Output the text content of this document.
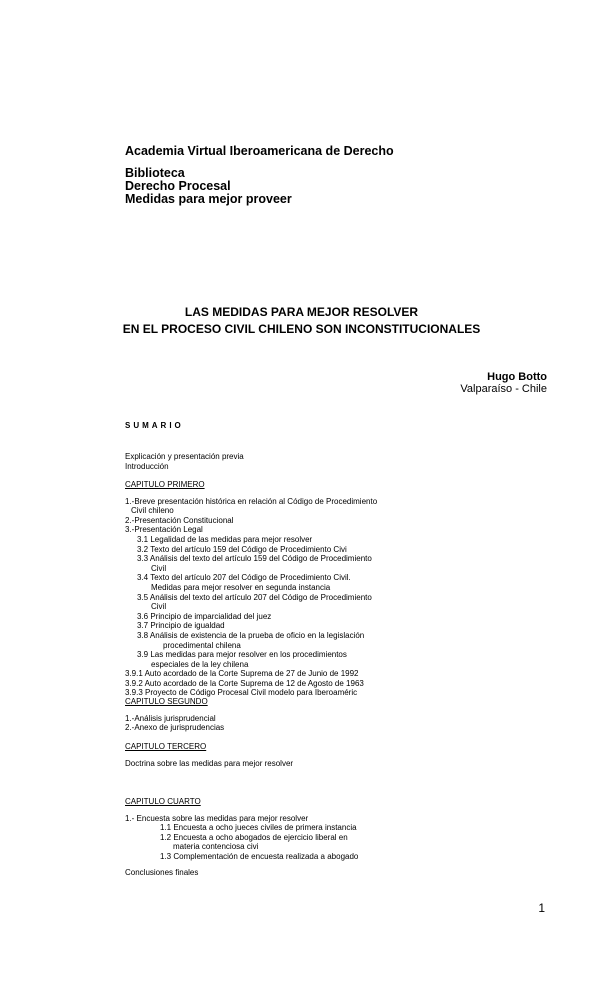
Academia Virtual Iberoamericana de Derecho
Biblioteca
Derecho Procesal
Medidas para mejor proveer
LAS MEDIDAS PARA MEJOR RESOLVER
EN EL PROCESO CIVIL CHILENO SON INCONSTITUCIONALES
Hugo Botto
Valparaíso - Chile
SUMARIO
Explicación y presentación previa
Introducción
CAPITULO PRIMERO
1.-Breve presentación histórica en relación al Código de Procedimiento
Civil chileno
2.-Presentación Constitucional
3.-Presentación Legal
3.1 Legalidad de las medidas para mejor resolver
3.2 Texto del artículo 159 del Código de Procedimiento Civi
3.3 Análisis del texto del artículo 159 del Código de Procedimiento
Civil
3.4 Texto del artículo 207 del Código de Procedimiento Civil.
Medidas para mejor resolver en segunda instancia
3.5 Análisis del texto del artículo 207 del Código de Procedimiento
Civil
3.6 Principio de imparcialidad del juez
3.7 Principio de igualdad
3.8 Análisis de existencia de la prueba de oficio en la legislación
procedimental chilena
3.9 Las medidas para mejor resolver en los procedimientos
especiales de la ley chilena
3.9.1 Auto acordado de la Corte Suprema de 27 de Junio de 1992
3.9.2 Auto acordado de la Corte Suprema de 12 de Agosto de 1963
3.9.3 Proyecto de Código Procesal Civil modelo para Iberoaméric
CAPITULO SEGUNDO
1.-Análisis jurisprudencial
2.-Anexo de jurisprudencias
CAPITULO TERCERO
Doctrina sobre las medidas para mejor resolver
CAPITULO CUARTO
1.- Encuesta sobre las medidas para mejor resolver
1.1 Encuesta a ocho jueces civiles de primera instancia
1.2 Encuesta a ocho abogados de ejercicio liberal en
materia contenciosa civi
1.3 Complementación de encuesta realizada a abogado
Conclusiones finales
1
